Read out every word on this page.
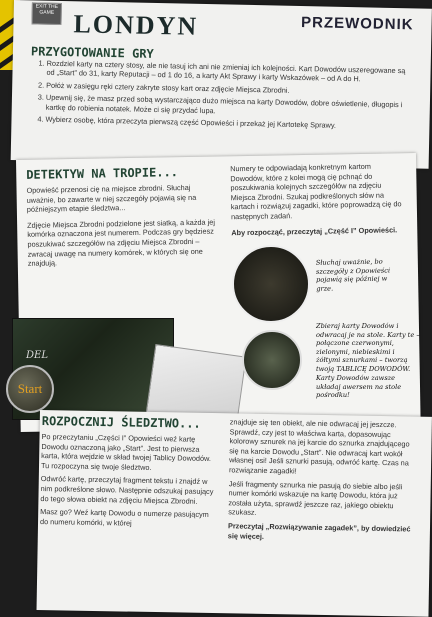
EXIT THE GAME LONDYN	PRZEWODNIK
PRZYGOTOWANIE GRY
1. Rozdziel karty na cztery stosy, ale nie tasuj ich ani nie zmieniaj ich kolejności. Kart Dowodów uszeregowane są od „Start” do 31, karty Reputacji – od 1 do 16, a karty Akt Sprawy i karty Wskazówek – od A do H.
2. Połóż w zasięgu ręki cztery zakryte stosy kart oraz zdjęcie Miejsca Zbrodni.
3. Upewnij się, że masz przed sobą wystarczająco dużo miejsca na karty Dowodów, dobre oświetlenie, długopis i kartkę do robienia notatek. Może ci się przydać lupa.
4. Wybierz osobę, która przeczyta pierwszą część Opowieści i przekaż jej Kartotekę Sprawy.
DETEKTYW NA TROPIE...

Opowieść przenosi cię na miejsce zbrodni. Słuchaj uważnie, bo zawarte w niej szczegóły pojawią się na późniejszym etapie śledztwa...

Zdjęcie Miejsca Zbrodni podzielone jest siatką, a każda jej komórka oznaczona jest numerem. Podczas gry będziesz poszukiwać szczegółów na zdjęciu Miejsca Zbrodni – zwracaj uwagę na numery komórek, w których się one znajdują.

Numery te odpowiadają konkretnym kartom Dowodów, które z kolei mogą cię pchnąć do poszukiwania kolejnych szczegółów na zdjęciu Miejsca Zbrodni. Szukaj podkreślonych słów na kartach i rozwiązuj zagadki, które poprowadzą cię do następnych zadań.

Aby rozpocząć, przeczytaj „Część I” Opowieści.

Słuchaj uważnie, bo szczegóły z Opowieści pojawią się później w grze.
Start
DEL
Zbieraj karty Dowodów i odwracaj je na stole. Karty te – połączone czerwonymi, zielonymi, niebieskimi i żółtymi sznurkami – tworzą twoją TABLICĘ DOWODÓW.
Karty Dowodów zawsze układaj awersem na stole pośrodku!
ROZPOCZNIJ ŚLEDZTWO...

Po przeczytaniu „Części I” Opowieści weź kartę Dowodu oznaczoną jako „Start”. Jest to pierwsza karta, która wejdzie w skład twojej Tablicy Dowodów. Tu rozpoczyna się twoje śledztwo.

Odwróć kartę, przeczytaj fragment tekstu i znajdź w nim podkreślone słowo. Następnie odszukaj pasujący do tego słowa obiekt na zdjęciu Miejsca Zbrodni.

Masz go? Weź kartę Dowodu o numerze pasującym do numeru komórki, w której

znajduje się ten obiekt, ale nie odwracaj jej jeszcze. Sprawdź, czy jest to właściwa karta, dopasowując kolorowy sznurek na jej karcie do sznurka znajdującego się na karcie Dowodu „Start”. Nie odwracaj kart wokół własnej osi! Jeśli sznurki pasują, odwróć kartę. Czas na rozwiązanie zagadki!

Jeśli fragmenty sznurka nie pasują do siebie albo jeśli numer komórki wskazuje na kartę Dowodu, która już została użyta, sprawdź jeszcze raz, jakiego obiektu szukasz.

Przeczytaj „Rozwiązywanie zagadek”, by dowiedzieć się więcej.
